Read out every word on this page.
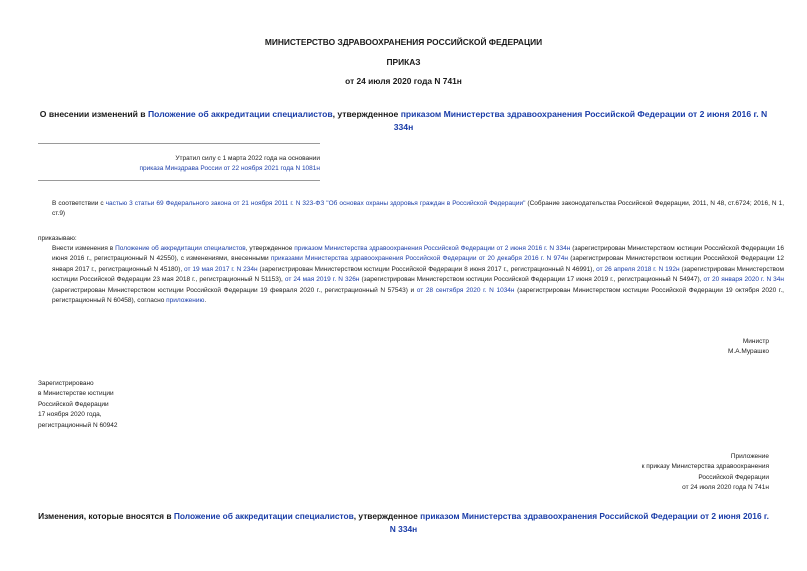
МИНИСТЕРСТВО ЗДРАВООХРАНЕНИЯ РОССИЙСКОЙ ФЕДЕРАЦИИ
ПРИКАЗ
от 24 июля 2020 года N 741н
О внесении изменений в Положение об аккредитации специалистов, утвержденное приказом Министерства здравоохранения Российской Федерации от 2 июня 2016 г. N 334н
Утратил силу с 1 марта 2022 года на основании
приказа Минздрава России от 22 ноября 2021 года N 1081н

В соответствии с частью 3 статьи 69 Федерального закона от 21 ноября 2011 г. N 323-ФЗ "Об основах охраны здоровья граждан в Российской Федерации" (Собрание законодательства Российской Федерации, 2011, N 48, ст.6724; 2016, N 1, ст.9)

приказываю:

Внести изменения в Положение об аккредитации специалистов, утвержденное приказом Министерства здравоохранения Российской Федерации от 2 июня 2016 г. N 334н (зарегистрирован Министерством юстиции Российской Федерации 16 июня 2016 г., регистрационный N 42550), с изменениями, внесенными приказами Министерства здравоохранения Российской Федерации от 20 декабря 2016 г. N 974н (зарегистрирован Министерством юстиции Российской Федерации 12 января 2017 г., регистрационный N 45180), от 19 мая 2017 г. N 234н (зарегистрирован Министерством юстиции Российской Федерации 8 июня 2017 г., регистрационный N 46991), от 26 апреля 2018 г. N 192н (зарегистрирован Министерством юстиции Российской Федерации 23 мая 2018 г., регистрационный N 51153), от 24 мая 2019 г. N 326н (зарегистрирован Министерством юстиции Российской Федерации 17 июня 2019 г., регистрационный N 54947), от 20 января 2020 г. N 34н (зарегистрирован Министерством юстиции Российской Федерации 19 февраля 2020 г., регистрационный N 57543) и от 28 сентября 2020 г. N 1034н (зарегистрирован Министерством юстиции Российской Федерации 19 октября 2020 г., регистрационный N 60458), согласно приложению.

Министр
М.А.Мурашко
Зарегистрировано
в Министерстве юстиции
Российской Федерации
17 ноября 2020 года,
регистрационный N 60942
Приложение
к приказу Министерства здравоохранения
Российской Федерации
от 24 июля 2020 года N 741н
Изменения, которые вносятся в Положение об аккредитации специалистов, утвержденное приказом Министерства здравоохранения Российской Федерации от 2 июня 2016 г. N 334н
